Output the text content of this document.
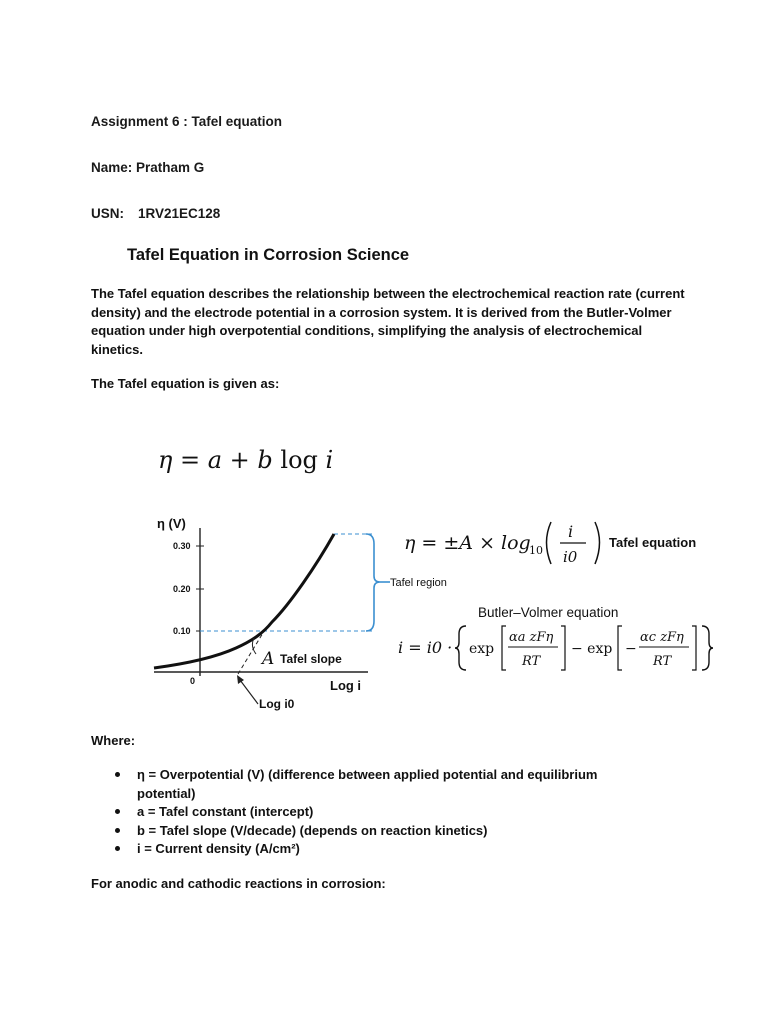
Assignment 6 : Tafel equation
Name: Pratham G
USN: 1RV21EC128
Tafel Equation in Corrosion Science
The Tafel equation describes the relationship between the electrochemical reaction rate (current density) and the electrode potential in a corrosion system. It is derived from the Butler-Volmer equation under high overpotential conditions, simplifying the analysis of electrochemical kinetics.
The Tafel equation is given as:
η = a + b log i
η (V)
0.30
0.20
0.10
0	Log i
Tafel region
A Tafel slope
Log i0
η = ±A × log
10
i
i0
Tafel equation
Butler–Volmer equation
i = i0 · exp
αa zFη
RT
− exp −
αc zFη
RT
Where:
η = Overpotential (V) (difference between applied potential and equilibrium potential)
a = Tafel constant (intercept)
b = Tafel slope (V/decade) (depends on reaction kinetics)
i = Current density (A/cm²)
For anodic and cathodic reactions in corrosion:
